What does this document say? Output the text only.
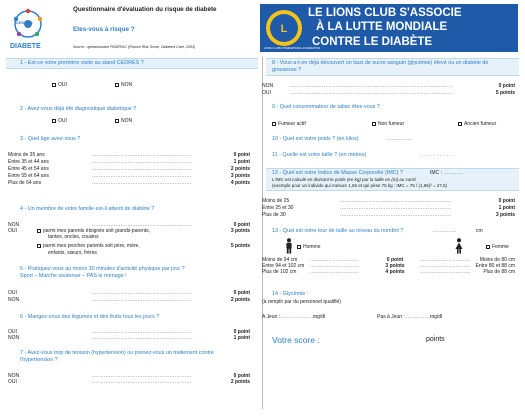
CEDRES
DIABETE
Questionnaire d'évaluation du risque de diabète
Etes-vous à risque ?
Source : questionnaire FINDRISC (Finnish Risk Score, Diabetes Care, 2003)
L
LE LIONS CLUB S'ASSOCIE
À LA LUTTE MONDIALE
CONTRE LE DIABÈTE
LIONS CLUBS INTERNATIONAL FOUNDATION
1 - Est-ce votre première visite au stand CEDRES ?
OUI	NON
2 - Avez-vous déjà été diagnostiqué diabétique ?
OUI	NON
3 - Quel âge avez-vous ?
Moins de 35 ans	...........................................................	0 point
Entre 35 et 44 ans	...........................................................	1 point
Entre 45 et 54 ans	...........................................................	2 points
Entre 55 et 64 ans	...........................................................	3 points
Plus de 64 ans	...........................................................	4 points
4 - Un membre de votre famille est-il atteint de diabète ?
NON	...........................................................	0 point
OUI	parmi mes parents éloignés soit grands-parents,
tantes, oncles, cousins
3 points
parmi mes proches parents soit père, mère,
enfants, sœurs, frères
5 points
5 - Pratiquez-vous au moins 30 minutes d'activité physique par jour ?
Sport – Marche soutenue – PAS le ménage !
OUI	...........................................................	0 point
NON	...........................................................	2 points
6 - Mangez-vous des légumes et des fruits tous les jours ?
OUI	...........................................................	0 point
NON	...........................................................	1 point
7 - Avez-vous trop de tension (hypertension) ou prenez-vous un traitement contre
l'hypertension ?
NON	...........................................................	0 point
OUI	...........................................................	2 points
8 - Vous a-t-on déjà découvert un taux de sucre sanguin (glycémie) élevé ou un diabète de
grossesse ?
NON	................................................................................................	0 point
OUI	................................................................................................	5 points
9 - Quel consommateur de tabac êtes-vous ?
Fumeur actif	Non fumeur	Ancien fumeur
10 - Quel est votre poids ? (en kilos)	...............
11 - Quelle est votre taille ? (en mètres)	. . . . . . , . . . .
12 - Quel est votre Indice de Masse Corporelle (IMC) ?	IMC : ...........
L'IMC est calculé en divisant le poids (en kg) par la taille en (m) au carré
(exemple pour un individu qui mesure 1,65 et qui pèse 75 kg : IMC = 75 / (1,65)² = 27,5)
Moins de 25	..................................................................	0 point
Entre 25 et 30	..................................................................	1 point
Plus de 30	..................................................................	3 points
13 - Quel est votre tour de taille au niveau du nombril ?	..............	cm
Homme	Femme
Moins de 94 cm	.............................	0 point	..............................	Moins de 80 cm
Entre 94 et 102 cm .............................	3 points	.............................. Entre 80 et 88 cm
Plus de 102 cm	.............................	4 points	..............................	Plus de 88 cm
14 - Glycémie :
(à remplir par du personnel qualifié)
A Jeun : .....................
mg/dl	Pas à Jeun : ...............
mg/dl
Votre score :	points
